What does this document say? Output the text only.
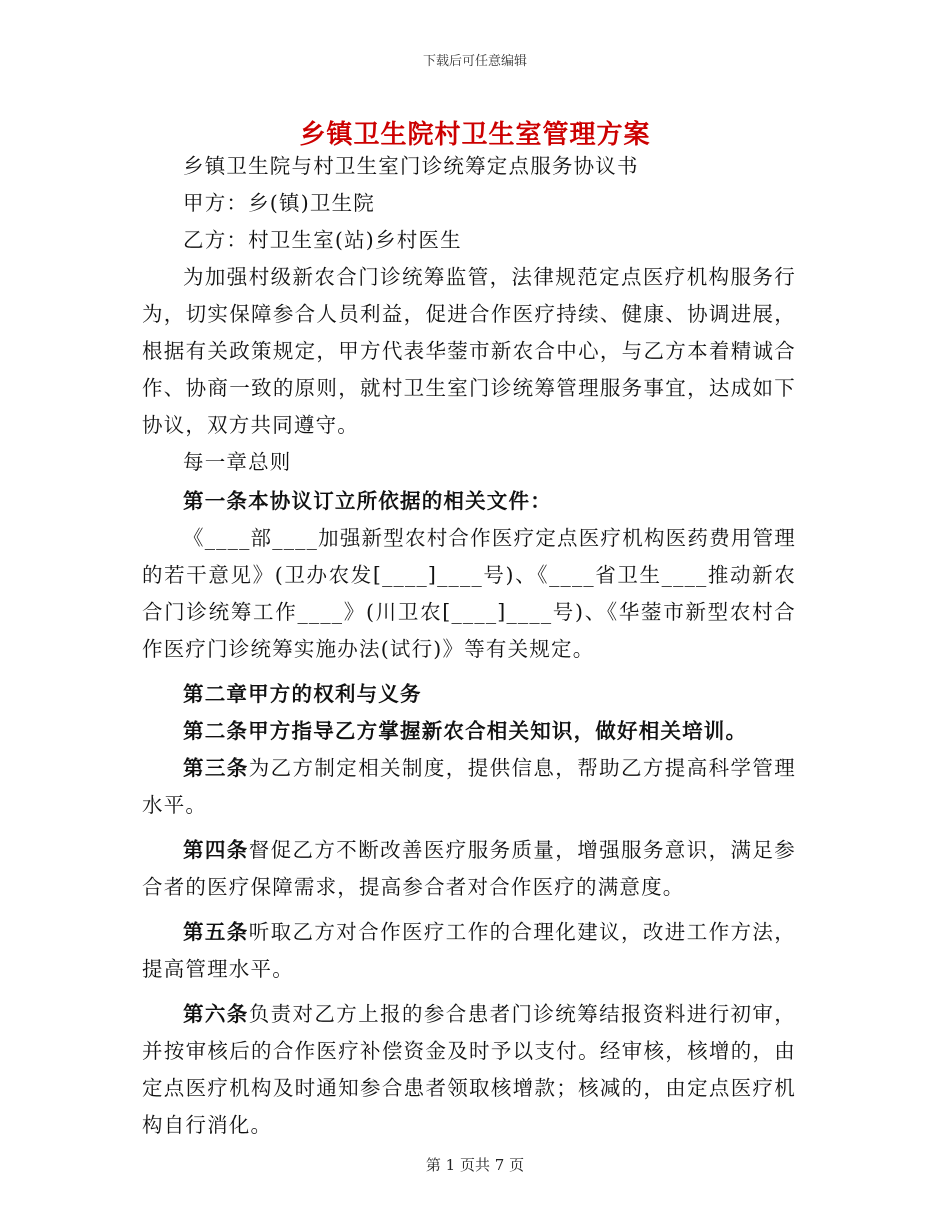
下载后可任意编辑
乡镇卫生院村卫生室管理方案

乡镇卫生院与村卫生室门诊统筹定点服务协议书

甲方：乡(镇)卫生院

乙方：村卫生室(站)乡村医生

为加强村级新农合门诊统筹监管，法律规范定点医疗机构服务行为，切实保障参合人员利益，促进合作医疗持续、健康、协调进展，根据有关政策规定，甲方代表华蓥市新农合中心，与乙方本着精诚合作、协商一致的原则，就村卫生室门诊统筹管理服务事宜，达成如下协议，双方共同遵守。

每一章总则

第一条本协议订立所依据的相关文件：

《____部____加强新型农村合作医疗定点医疗机构医药费用管理的若干意见》(卫办农发[____]____号)、《____省卫生____推动新农合门诊统筹工作____》(川卫农[____]____号)、《华蓥市新型农村合作医疗门诊统筹实施办法(试行)》等有关规定。

第二章甲方的权利与义务

第二条甲方指导乙方掌握新农合相关知识，做好相关培训。

第三条为乙方制定相关制度，提供信息，帮助乙方提高科学管理水平。

第四条督促乙方不断改善医疗服务质量，增强服务意识，满足参合者的医疗保障需求，提高参合者对合作医疗的满意度。

第五条听取乙方对合作医疗工作的合理化建议，改进工作方法，提高管理水平。

第六条负责对乙方上报的参合患者门诊统筹结报资料进行初审，并按审核后的合作医疗补偿资金及时予以支付。经审核，核增的，由定点医疗机构及时通知参合患者领取核增款；核减的，由定点医疗机构自行消化。

第 1 页共 7 页
